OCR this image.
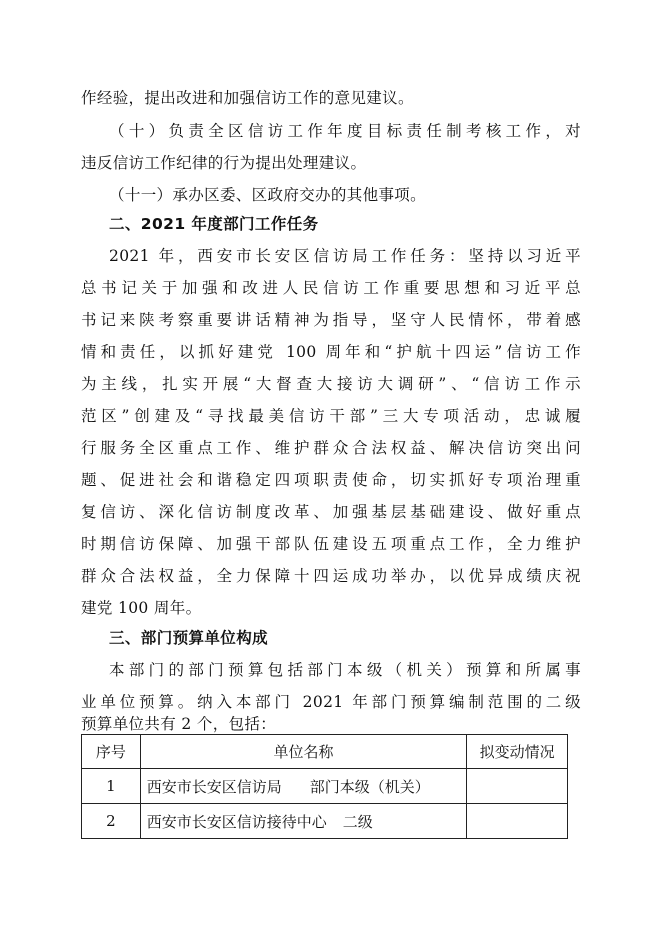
作经验，提出改进和加强信访工作的意见建议。
（十）负责全区信访工作年度目标责任制考核工作，对
违反信访工作纪律的行为提出处理建议。
（十一）承办区委、区政府交办的其他事项。
二、2021 年度部门工作任务
2021 年，西安市长安区信访局工作任务：坚持以习近平
总书记关于加强和改进人民信访工作重要思想和习近平总
书记来陕考察重要讲话精神为指导，坚守人民情怀，带着感
情和责任，以抓好建党 100 周年和“护航十四运”信访工作
为主线，扎实开展“大督查大接访大调研”、“信访工作示
范区”创建及“寻找最美信访干部”三大专项活动，忠诚履
行服务全区重点工作、维护群众合法权益、解决信访突出问
题、促进社会和谐稳定四项职责使命，切实抓好专项治理重
复信访、深化信访制度改革、加强基层基础建设、做好重点
时期信访保障、加强干部队伍建设五项重点工作，全力维护
群众合法权益，全力保障十四运成功举办，以优异成绩庆祝
建党 100 周年。
三、部门预算单位构成
本部门的部门预算包括部门本级（机关）预算和所属事
业单位预算。纳入本部门 2021 年部门预算编制范围的二级
预算单位共有 2 个，包括：
序号	单位名称	拟变动情况
1	西安市长安区信访局 部门本级（机关）	
2	西安市长安区信访接待中心 二级	
